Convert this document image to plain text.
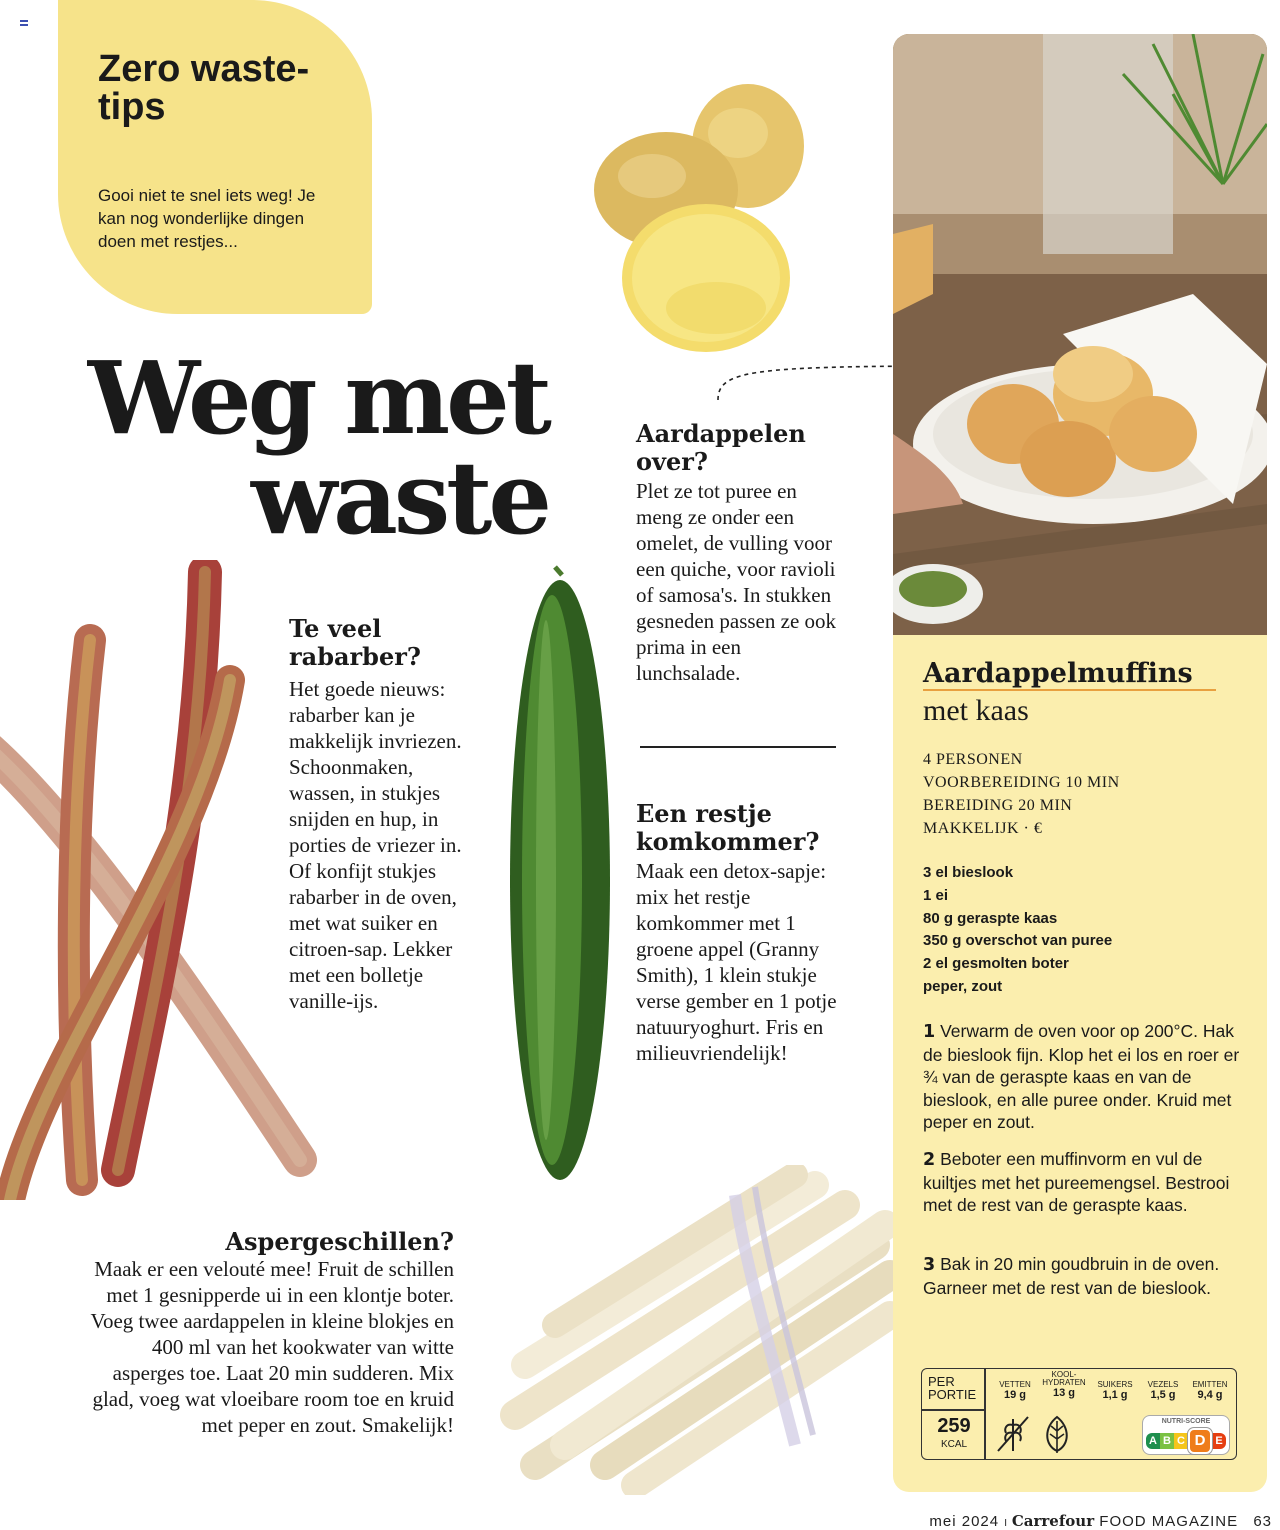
Zero waste-tips
Gooi niet te snel iets weg! Je kan nog wonderlijke dingen doen met restjes...
Weg met
waste
Te veel rabarber?
Het goede nieuws: rabarber kan je makkelijk invriezen. Schoonmaken, wassen, in stukjes snijden en hup, in porties de vriezer in. Of konfijt stukjes rabarber in de oven, met wat suiker en citroen-sap. Lekker met een bolletje vanille-ijs.
Aardappelen over?
Plet ze tot puree en meng ze onder een omelet, de vulling voor een quiche, voor ravioli of samosa's. In stukken gesneden passen ze ook prima in een lunchsalade.
Een restje komkommer?
Maak een detox-sapje: mix het restje komkommer met 1 groene appel (Granny Smith), 1 klein stukje verse gember en 1 potje natuuryoghurt. Fris en milieuvriendelijk!
Aspergeschillen?
Maak er een velouté mee! Fruit de schillen met 1 gesnipperde ui in een klontje boter. Voeg twee aardappelen in kleine blokjes en 400 ml van het kookwater van witte asperges toe. Laat 20 min sudderen. Mix glad, voeg wat vloeibare room toe en kruid met peper en zout. Smakelijk!
Aardappelmuffins
met kaas
4 PERSONEN
VOORBEREIDING 10 MIN
BEREIDING 20 MIN
MAKKELIJK · €
3 el bieslook
1 ei
80 g geraspte kaas
350 g overschot van puree
2 el gesmolten boter
peper, zout
1 Verwarm de oven voor op 200°C. Hak de bieslook fijn. Klop het ei los en roer er ¾ van de geraspte kaas en van de bieslook, en alle puree onder. Kruid met peper en zout.
2 Beboter een muffinvorm en vul de kuiltjes met het pureemengsel. Bestrooi met de rest van de geraspte kaas.
3 Bak in 20 min goudbruin in de oven. Garneer met de rest van de bieslook.
PER PORTIE
259
KCAL
VETTEN
19 g
KOOL-HYDRATEN
13 g
SUIKERS
1,1 g
VEZELS
1,5 g
EMITTEN
9,4 g
NUTRI-SCORE
A B C D E
mei 2024 I Carrefour FOOD MAGAZINE 63
